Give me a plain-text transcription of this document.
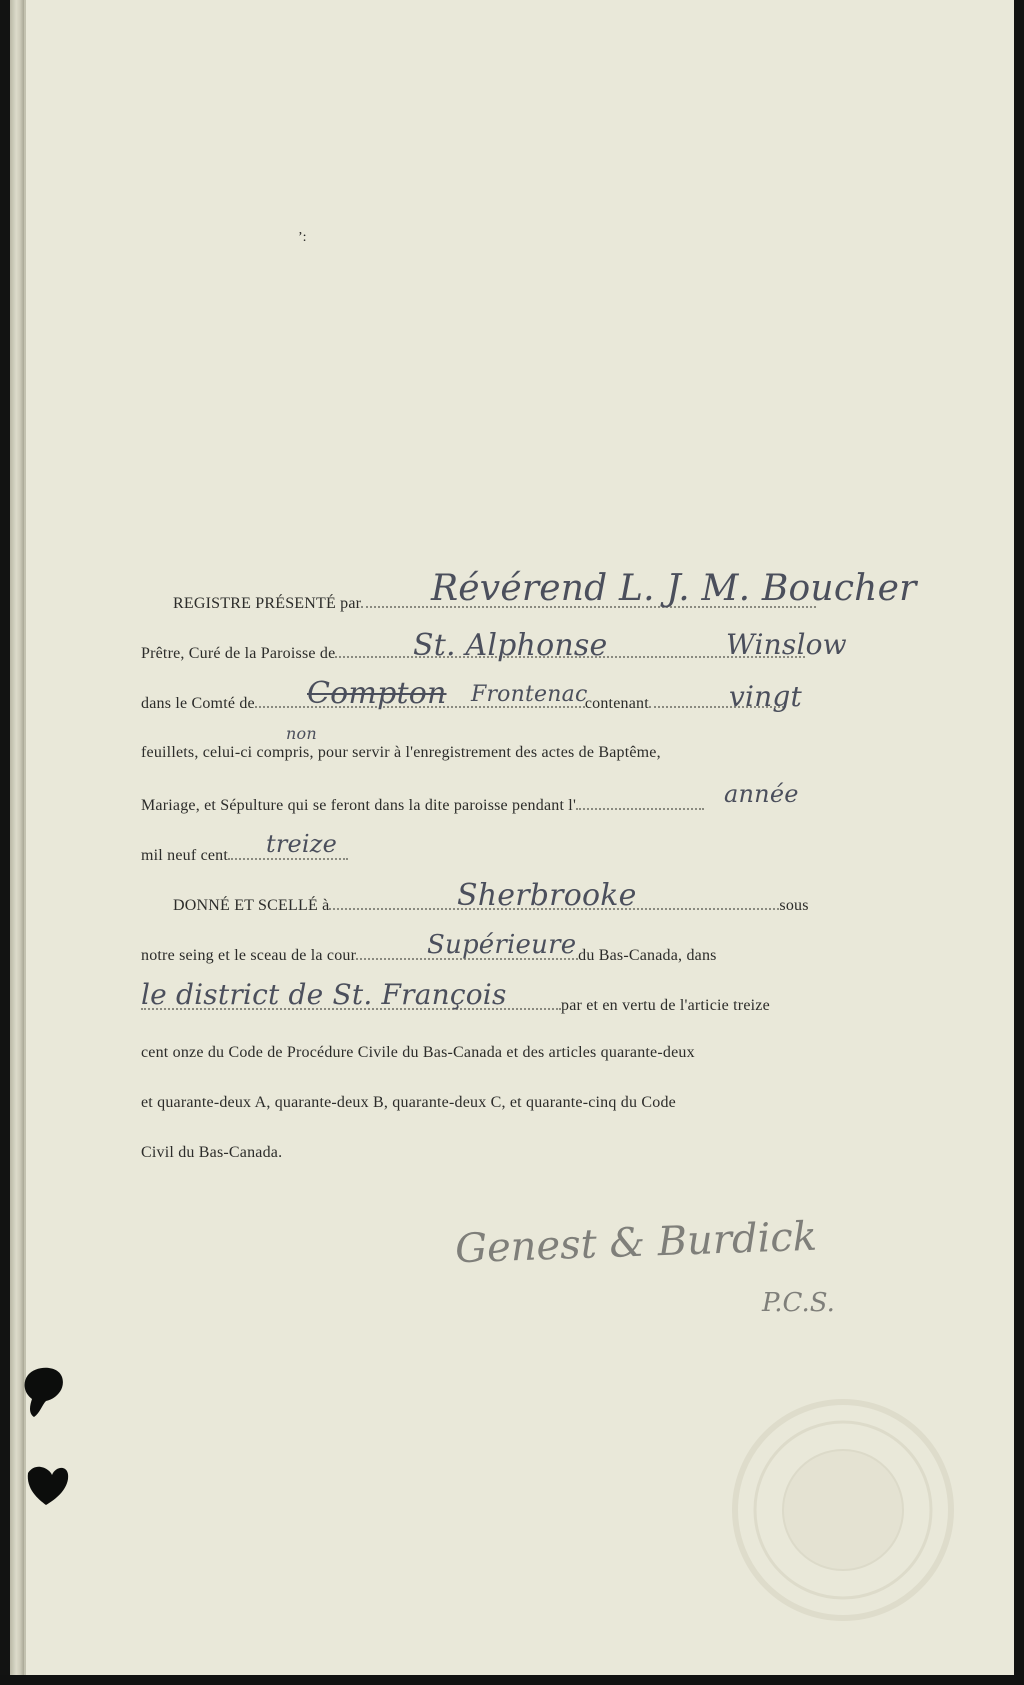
’:
REGISTRE PRÉSENTÉ par	Révérend L. J. M. Boucher
Prêtre, Curé de la Paroisse de	St. Alphonse	Winslow
dans le Comté de	contenant
Compton Frontenac	vingt
feuillets, celui-ci compris, pour servir à l'enregistrement des actes de Baptême,
non
Mariage, et Sépulture qui se feront dans la dite paroisse pendant l'	année
mil neuf cent	treize
DONNÉ ET SCELLÉ à	sous
Sherbrooke
notre seing et le sceau de la cour	du Bas-Canada, dans
Supérieure
par et en vertu de l'articie treize
le district de St. François
cent onze du Code de Procédure Civile du Bas-Canada et des articles quarante-deux
et quarante-deux A, quarante-deux B, quarante-deux C, et quarante-cinq du Code
Civil du Bas-Canada.
Genest & Burdick
P.C.S.
